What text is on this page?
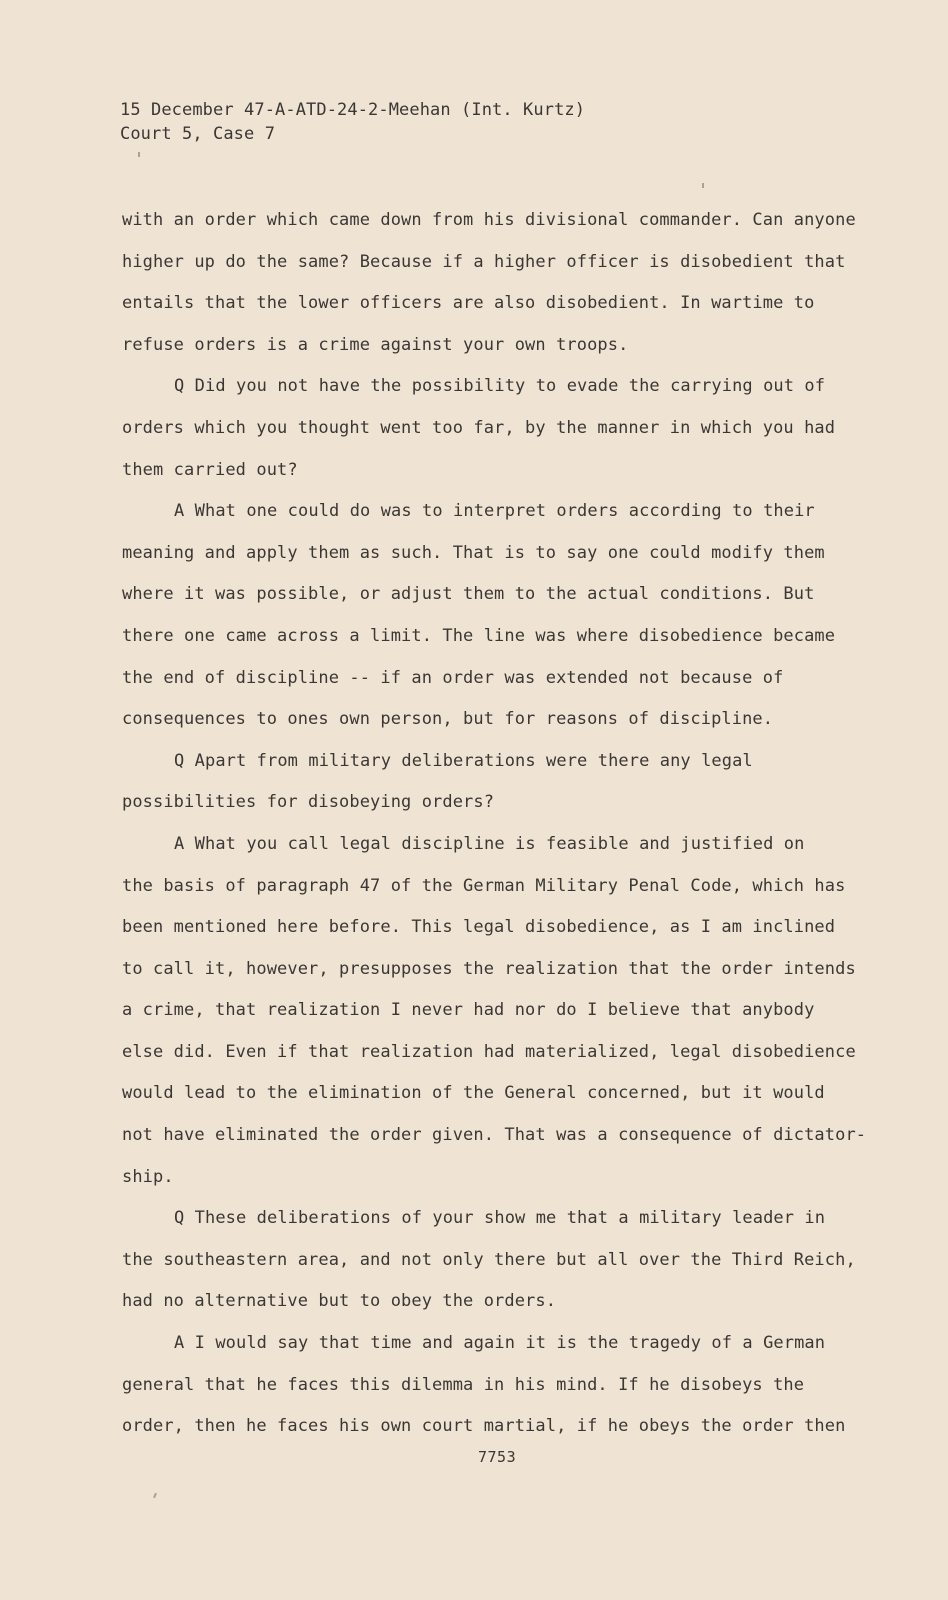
15 December 47-A-ATD-24-2-Meehan (Int. Kurtz)
Court 5, Case 7
with an order which came down from his divisional commander. Can anyone
higher up do the same? Because if a higher officer is disobedient that
entails that the lower officers are also disobedient. In wartime to
refuse orders is a crime against your own troops.
Q Did you not have the possibility to evade the carrying out of
orders which you thought went too far, by the manner in which you had
them carried out?
A What one could do was to interpret orders according to their
meaning and apply them as such. That is to say one could modify them
where it was possible, or adjust them to the actual conditions. But
there one came across a limit. The line was where disobedience became
the end of discipline -- if an order was extended not because of
consequences to ones own person, but for reasons of discipline.
Q Apart from military deliberations were there any legal
possibilities for disobeying orders?
A What you call legal discipline is feasible and justified on
the basis of paragraph 47 of the German Military Penal Code, which has
been mentioned here before. This legal disobedience, as I am inclined
to call it, however, presupposes the realization that the order intends
a crime, that realization I never had nor do I believe that anybody
else did. Even if that realization had materialized, legal disobedience
would lead to the elimination of the General concerned, but it would
not have eliminated the order given. That was a consequence of dictator-
ship.
Q These deliberations of your show me that a military leader in
the southeastern area, and not only there but all over the Third Reich,
had no alternative but to obey the orders.
A I would say that time and again it is the tragedy of a German
general that he faces this dilemma in his mind. If he disobeys the
order, then he faces his own court martial, if he obeys the order then
7753
